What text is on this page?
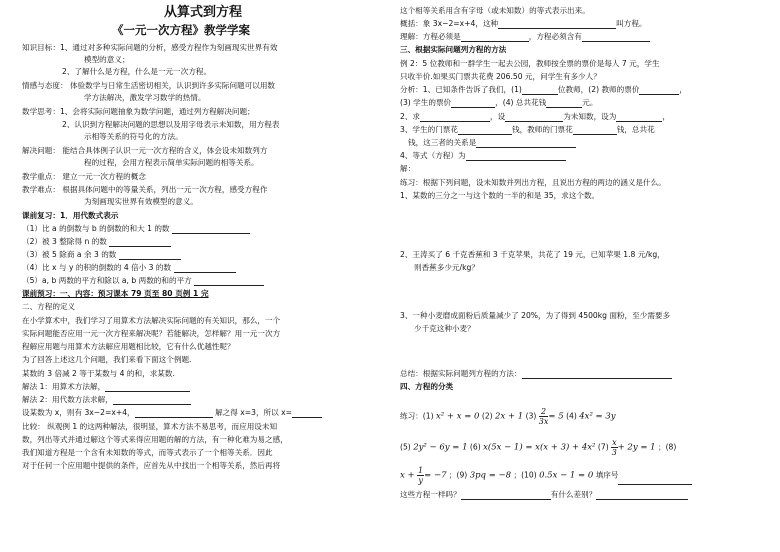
从算式到方程
《一元一次方程》教学学案
知识目标：1、通过对多种实际问题的分析，感受方程作为刻画现实世界有效
模型的意义；
2、了解什么是方程，什么是一元一次方程。
情感与态度： 体验数学与日常生活密切相关，认识到许多实际问题可以用数
学方法解决，激发学习数学的热情。
数学思考：1、会将实际问题抽象为数学问题，通过列方程解决问题；
2、认识到方程解决问题的思想以及用字母表示未知数，用方程表
示相等关系的符号化的方法。
解决问题： 能结合具体例子认识一元一次方程的含义，体会设未知数列方
程的过程，会用方程表示简单实际问题的相等关系。
教学重点： 建立一元一次方程的概念
教学难点： 根据具体问题中的等量关系，列出一元一次方程，感受方程作
为刻画现实世界有效模型的意义。
课前复习：1．用代数式表示
（1）比 a 的倒数与 b 的倒数的和大 1 的数
（2）被 3 整除得 n 的数
（3）被 5 除商 a 余 3 的数
（4）比 x 与 y 的积的倒数的 4 倍小 3 的数
（5）a, b 两数的平方和除以 a, b 两数的和的平方
课前预习：一、内容：预习课本 79 页至 80 页例 1 完
二、方程的定义
在小学算术中，我们学习了用算术方法解决实际问题的有关知识，那么，一个
实际问题能否应用一元一次方程来解决呢？若能解决，怎样解？用一元一次方
程解应用题与用算术方法解应用题相比较，它有什么优越性呢？
为了回答上述这几个问题，我们来看下面这个例题.
某数的 3 倍减 2 等于某数与 4 的和，求某数.
解法 1：用算术方法解，
解法 2：用代数方法求解，
设某数为 x，则有 3x−2=x+4，	解之得 x=3，所以 x=
比较： 纵观例 1 的这两种解法，很明显，算术方法不易思考，而应用设未知
数，列出等式并通过解这个等式来得应用题的解的方法，有一种化难为易之感，
我们知道方程是一个含有未知数的等式，而等式表示了一个相等关系．因此
对于任何一个应用题中提供的条件，应首先从中找出一个相等关系，然后再将
这个相等关系用含有字母（或未知数）的等式表示出来。
概括：象 3x−2=x+4，这种	叫方程。
理解：方程必须是	，方程必须含有
三、根据实际问题列方程的方法
例 2：5 位教师和一群学生一起去公园，教师按全票的票价是每人 7 元，学生
只收半价.如果买门票共花费 206.50 元，问学生有多少人？
分析：1、已知条件告诉了我们，(1)	位教师，(2) 教师的票价	，
(3) 学生的票价	，(4) 总共花钱	元。
2、求	，设	为未知数，设为	，
3、学生的门票花	钱，教师的门票花	钱，总共花
钱，这三者的关系是
4、等式（方程）为
解：
练习：根据下列问题，设未知数并列出方程，且说出方程的两边的涵义是什么。
1、某数的三分之一与这个数的一半的和是 35，求这个数。
2、王涛买了 6 千克香蕉和 3 千克苹果，共花了 19 元，已知苹果 1.8 元/kg，
则香蕉多少元/kg？
3、一种小麦磨成面粉后质量减少了 20%，为了得到 4500kg 面粉，至少需要多
少千克这种小麦？
总结：根据实际问题列方程的方法：
四、方程的分类
练习：(1) x² + x = 0 (2) 2x + 1 $(3) \frac{2}{3x} = 5$ (4) 4x² = 3y
(5) 2y² − 6y = 1 (6) x(5x − 1) = x(x + 3) + 4x² $(7) \frac{x}{3} + 2y = 1$ ；(8)
$x + \frac{1}{y} = -7$ ；(9) 3pq = −8 ；(10) 0.5x − 1 = 0 填序号
这些方程一样吗？	有什么差别？
